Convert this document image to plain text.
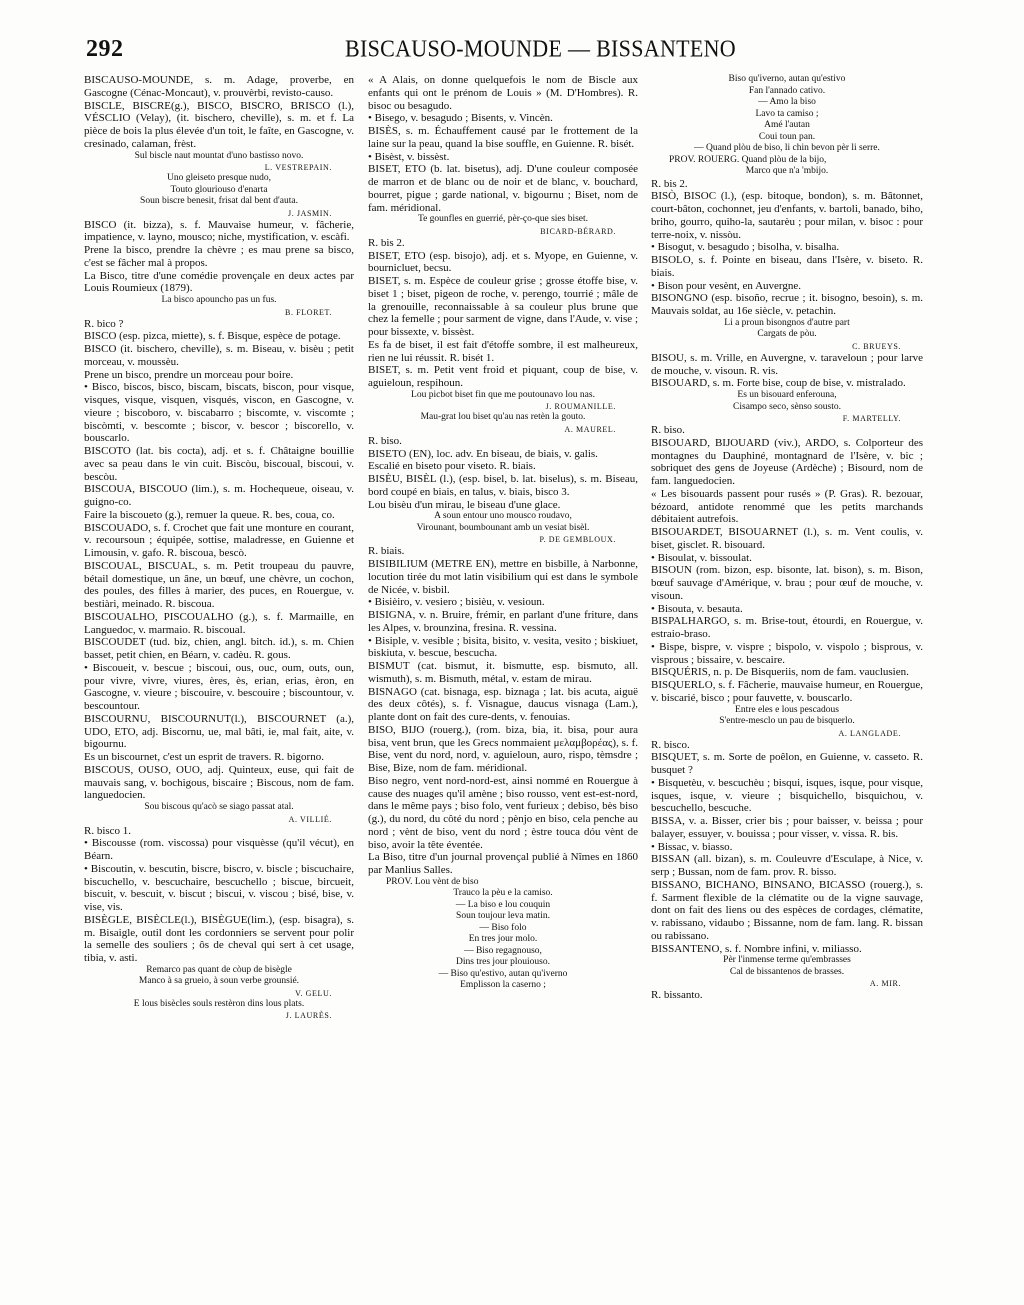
292	BISCAUSO-MOUNDE — BISSANTENO

BISCAUSO-MOUNDE, s. m. Adage, proverbe, en Gascogne (Cénac-Moncaut), v. prouvèrbi, revisto-causo.

BISCLE, BISCRE(g.), BISCO, BISCRO, BRISCO (l.), VÉSCLIO (Velay), (it. bischero, cheville), s. m. et f. La pièce de bois la plus élevée d'un toit, le faîte, en Gascogne, v. cresinado, calaman, frèst.

Sul biscle naut mountat d'uno bastisso novo.

L. VESTREPAIN.

Uno gleiseto presque nudo,

Touto glouriouso d'enarta

Soun biscre benesit, frisat dal bent d'auta.

J. JASMIN.

BISCO (it. bizza), s. f. Mauvaise humeur, v. fâcherie, impatience, v. layno, mousco; niche, mystification, v. escàfi.

Prene la bisco, prendre la chèvre ; es mau prene sa bisco, c'est se fâcher mal à propos.

La Bisco, titre d'une comédie provençale en deux actes par Louis Roumieux (1879).

La bisco apouncho pas un fus.

B. FLORET.

R. bico ?

BISCO (esp. pizca, miette), s. f. Bisque, espèce de potage.

BISCO (it. bischero, cheville), s. m. Biseau, v. bisèu ; petit morceau, v. moussèu.

Prene un bisco, prendre un morceau pour boire.

• Bisco, biscos, bisco, biscam, biscats, biscon, pour visque, visques, visque, visquen, visqués, viscon, en Gascogne, v. vieure ; biscoboro, v. biscabarro ; biscomte, v. viscomte ; biscòmti, v. bescomte ; biscor, v. bescor ; biscorello, v. bouscarlo.

BISCOTO (lat. bis cocta), adj. et s. f. Châtaigne bouillie avec sa peau dans le vin cuit. Biscòu, biscoual, biscoui, v. bescòu.

BISCOUA, BISCOUO (lim.), s. m. Hochequeue, oiseau, v. guigno-co.

Faire la biscoueto (g.), remuer la queue. R. bes, coua, co.

BISCOUADO, s. f. Crochet que fait une monture en courant, v. recoursoun ; équipée, sottise, maladresse, en Guienne et Limousin, v. gafo. R. biscoua, bescò.

BISCOUAL, BISCUAL, s. m. Petit troupeau du pauvre, bétail domestique, un âne, un bœuf, une chèvre, un cochon, des poules, des filles à marier, des puces, en Rouergue, v. bestiàri, meinado. R. biscoua.

BISCOUALHO, PISCOUALHO (g.), s. f. Marmaille, en Languedoc, v. marmaio. R. biscoual.

BISCOUDET (tud. biz, chien, angl. bitch. id.), s. m. Chien basset, petit chien, en Béarn, v. cadèu. R. gous.

• Biscoueit, v. bescue ; biscoui, ous, ouc, oum, outs, oun, pour vivre, vivre, viures, ères, ès, erian, erias, èron, en Gascogne, v. vieure ; biscouire, v. bescouire ; biscountour, v. bescountour.

BISCOURNU, BISCOURNUT(l.), BISCOURNET (a.), UDO, ETO, adj. Biscornu, ue, mal bâti, ie, mal fait, aite, v. bigournu.

Es un biscournet, c'est un esprit de travers. R. bigorno.

BISCOUS, OUSO, OUO, adj. Quinteux, euse, qui fait de mauvais sang, v. bochigous, biscaire ; Biscous, nom de fam. languedocien.

Sou biscous qu'acò se siago passat atal.

A. VILLIÉ.

R. bisco 1.

• Biscousse (rom. viscossa) pour visquèsse (qu'il vécut), en Béarn.

• Biscoutin, v. bescutin, biscre, biscro, v. biscle ; biscuchaire, biscuchello, v. bescuchaire, bescuchello ; biscue, bircueit, biscuit, v. bescuit, v. biscut ; biscui, v. viscou ; bisé, bise, v. vise, vis.

BISÈGLE, BISÈCLE(l.), BISÈGUE(lim.), (esp. bisagra), s. m. Bisaigle, outil dont les cordonniers se servent pour polir la semelle des souliers ; ôs de cheval qui sert à cet usage, tibia, v. asti.

Remarco pas quant de còup de bisègle

Manco à sa grueio, à soun verbe grounsié.

V. GELU.

E lous bisècles souls restèron dins lous plats.

J. LAURÈS.

« A Alais, on donne quelquefois le nom de Biscle aux enfants qui ont le prénom de Louis » (M. D'Hombres). R. bisoc ou besagudo.

• Bisego, v. besagudo ; Bisents, v. Vincèn.

BISÈS, s. m. Échauffement causé par le frottement de la laine sur la peau, quand la bise souffle, en Guienne. R. bisét.

• Bisèst, v. bissèst.

BISET, ETO (b. lat. bisetus), adj. D'une couleur composée de marron et de blanc ou de noir et de blanc, v. bouchard, bourret, pigue ; garde national, v. bigournu ; Biset, nom de fam. méridional.

Te gounfles en guerrié, pèr-ço-que sies biset.

BICARD-BÉRARD.

R. bis 2.

BISET, ETO (esp. bisojo), adj. et s. Myope, en Guienne, v. bournicluet, becsu.

BISET, s. m. Espèce de couleur grise ; grosse étoffe bise, v. biset 1 ; biset, pigeon de roche, v. perengo, tourrié ; mâle de la grenouille, reconnaissable à sa couleur plus brune que chez la femelle ; pour sarment de vigne, dans l'Aude, v. vise ; pour bissexte, v. bissèst.

Es fa de biset, il est fait d'étoffe sombre, il est malheureux, rien ne lui réussit. R. bisét 1.

BISET, s. m. Petit vent froid et piquant, coup de bise, v. aguieloun, respihoun.

Lou picbot biset fin que me poutounavo lou nas.

J. ROUMANILLE.

Mau-grat lou biset qu'au nas retèn la gouto.

A. MAUREL.

R. biso.

BISETO (EN), loc. adv. En biseau, de biais, v. galis.

Escalié en biseto pour viseto. R. biais.

BISÈU, BISÈL (l.), (esp. bisel, b. lat. biselus), s. m. Biseau, bord coupé en biais, en talus, v. biais, bisco 3.

Lou bisèu d'un mirau, le biseau d'une glace.

A soun entour uno mousco roudavo,

Virounant, boumbounant amb un vesiat bisèl.

P. DE GEMBLOUX.

R. biais.

BISIBILIUM (METRE EN), mettre en bisbille, à Narbonne, locution tirée du mot latin visibilium qui est dans le symbole de Nicée, v. bisbil.

• Bisièiro, v. vesiero ; bisièu, v. vesioun.

BISIGNA, v. n. Bruire, frémir, en parlant d'une friture, dans les Alpes, v. brounzina, fresina. R. vessina.

• Bisiple, v. vesible ; bisita, bisito, v. vesita, vesito ; biskiuet, biskiuta, v. bescue, bescucha.

BISMUT (cat. bismut, it. bismutte, esp. bismuto, all. wismuth), s. m. Bismuth, métal, v. estam de mirau.

BISNAGO (cat. bisnaga, esp. biznaga ; lat. bis acuta, aiguë des deux côtés), s. f. Visnague, daucus visnaga (Lam.), plante dont on fait des cure-dents, v. fenouias.

BISO, BIJO (rouerg.), (rom. biza, bia, it. bisa, pour aura bisa, vent brun, que les Grecs nommaient μελαμβορέας), s. f. Bise, vent du nord, nord, v. aguieloun, auro, rispo, tèmsdre ; Bise, Bize, nom de fam. méridional.

Biso negro, vent nord-nord-est, ainsi nommé en Rouergue à cause des nuages qu'il amène ; biso rousso, vent est-est-nord, dans le même pays ; biso folo, vent furieux ; debiso, bès biso (g.), du nord, du côté du nord ; pènjo en biso, cela penche au nord ; vènt de biso, vent du nord ; èstre touca dóu vènt de biso, avoir la tête éventée.

La Biso, titre d'un journal provençal publié à Nîmes en 1860 par Manlius Salles.

PROV. Lou vènt de biso

Trauco la pèu e la camiso.

— La biso e lou couquin

Soun toujour leva matin.

— Biso folo

En tres jour molo.

— Biso regagnouso,

Dins tres jour plouiouso.

— Biso qu'estivo, autan qu'iverno

Emplisson la caserno ;

Biso qu'iverno, autan qu'estivo

Fan l'annado cativo.

— Amo la biso

Lavo ta camiso ;

Amé l'autan

Coui toun pan.

— Quand plòu de biso, li chin bevon pèr li serre.

PROV. ROUERG. Quand plòu de la bijo,

Marco que n'a 'mbijo.

R. bis 2.

BISÒ, BISOC (l.), (esp. bitoque, bondon), s. m. Bâtonnet, court-bâton, cochonnet, jeu d'enfants, v. bartoli, banado, biho, briho, gourro, quiho-la, sautarèu ; pour milan, v. bisoc : pour terre-noix, v. nissòu.

• Bisogut, v. besagudo ; bisolha, v. bisalha.

BISOLO, s. f. Pointe en biseau, dans l'Isère, v. biseto. R. biais.

• Bison pour vesènt, en Auvergne.

BISONGNO (esp. bisoño, recrue ; it. bisogno, besoin), s. m. Mauvais soldat, au 16e siècle, v. petachin.

Li a proun bisongnos d'autre part

Cargats de pòu.

C. BRUEYS.

BISOU, s. m. Vrille, en Auvergne, v. taraveloun ; pour larve de mouche, v. visoun. R. vis.

BISOUARD, s. m. Forte bise, coup de bise, v. mistralado.

Es un bisouard enferouna,

Cisampo seco, sènso sousto.

F. MARTELLY.

R. biso.

BISOUARD, BIJOUARD (viv.), ARDO, s. Colporteur des montagnes du Dauphiné, montagnard de l'Isère, v. bic ; sobriquet des gens de Joyeuse (Ardèche) ; Bisourd, nom de fam. languedocien.

« Les bisouards passent pour rusés » (P. Gras). R. bezouar, bézoard, antidote renommé que les petits marchands débitaient autrefois.

BISOUARDET, BISOUARNET (l.), s. m. Vent coulis, v. biset, gisclet. R. bisouard.

• Bisoulat, v. bissoulat.

BISOUN (rom. bizon, esp. bisonte, lat. bison), s. m. Bison, bœuf sauvage d'Amérique, v. brau ; pour œuf de mouche, v. visoun.

• Bisouta, v. besauta.

BISPALHARGO, s. m. Brise-tout, étourdi, en Rouergue, v. estraio-braso.

• Bispe, bispre, v. vispre ; bispolo, v. vispolo ; bisprous, v. visprous ; bissaire, v. bescaire.

BISQUÉRIS, n. p. De Bisqueriis, nom de fam. vauclusien.

BISQUERLO, s. f. Fâcherie, mauvaise humeur, en Rouergue, v. biscarié, bisco ; pour fauvette, v. bouscarlo.

Entre eles e lous pescadous

S'entre-mesclo un pau de bisquerlo.

A. LANGLADE.

R. bisco.

BISQUET, s. m. Sorte de poêlon, en Guienne, v. casseto. R. busquet ?

• Bisquetèu, v. bescuchèu ; bisqui, isques, isque, pour visque, isques, isque, v. vieure ; bisquichello, bisquichou, v. bescuchello, bescuche.

BISSA, v. a. Bisser, crier bis ; pour baisser, v. beissa ; pour balayer, essuyer, v. bouissa ; pour visser, v. vissa. R. bis.

• Bissac, v. biasso.

BISSAN (all. bizan), s. m. Couleuvre d'Esculape, à Nice, v. serp ; Bussan, nom de fam. prov. R. bisso.

BISSANO, BICHANO, BINSANO, BICASSO (rouerg.), s. f. Sarment flexible de la clématite ou de la vigne sauvage, dont on fait des liens ou des espèces de cordages, clématite, v. rabissano, vidaubo ; Bissanne, nom de fam. lang. R. bissan ou rabissano.

BISSANTENO, s. f. Nombre infini, v. miliasso.

Pèr l'inmense terme qu'embrasses

Cal de bissantenos de brasses.

A. MIR.

R. bissanto.
